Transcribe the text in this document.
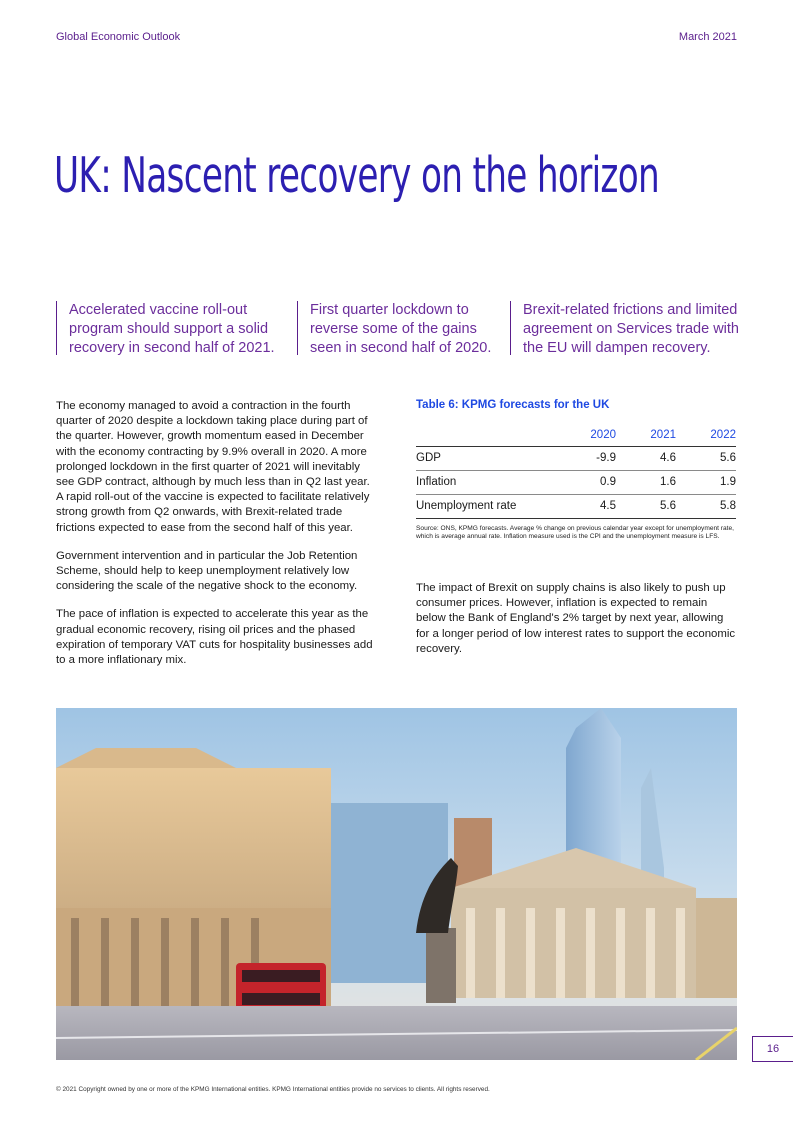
Global Economic Outlook	March 2021
UK: Nascent recovery on the horizon
Accelerated vaccine roll-out program should support a solid recovery in second half of 2021.
First quarter lockdown to reverse some of the gains seen in second half of 2020.
Brexit-related frictions and limited agreement on Services trade with the EU will dampen recovery.

The economy managed to avoid a contraction in the fourth quarter of 2020 despite a lockdown taking place during part of the quarter. However, growth momentum eased in December with the economy contracting by 9.9% overall in 2020. A more prolonged lockdown in the first quarter of 2021 will inevitably see GDP contract, although by much less than in Q2 last year. A rapid roll-out of the vaccine is expected to facilitate relatively strong growth from Q2 onwards, with Brexit-related trade frictions expected to ease from the second half of this year.

Government intervention and in particular the Job Retention Scheme, should help to keep unemployment relatively low considering the scale of the negative shock to the economy.

The pace of inflation is expected to accelerate this year as the gradual economic recovery, rising oil prices and the phased expiration of temporary VAT cuts for hospitality businesses add to a more inflationary mix.

Table 6: KPMG forecasts for the UK
	2020	2021	2022
GDP	-9.9	4.6	5.6
Inflation	0.9	1.6	1.9
Unemployment rate	4.5	5.6	5.8
Source: ONS, KPMG forecasts. Average % change on previous calendar year except for unemployment rate, which is average annual rate. Inflation measure used is the CPI and the unemployment measure is LFS.
The impact of Brexit on supply chains is also likely to push up consumer prices. However, inflation is expected to remain below the Bank of England's 2% target by next year, allowing for a longer period of low interest rates to support the economic recovery.
16
© 2021 Copyright owned by one or more of the KPMG International entities. KPMG International entities provide no services to clients. All rights reserved.
